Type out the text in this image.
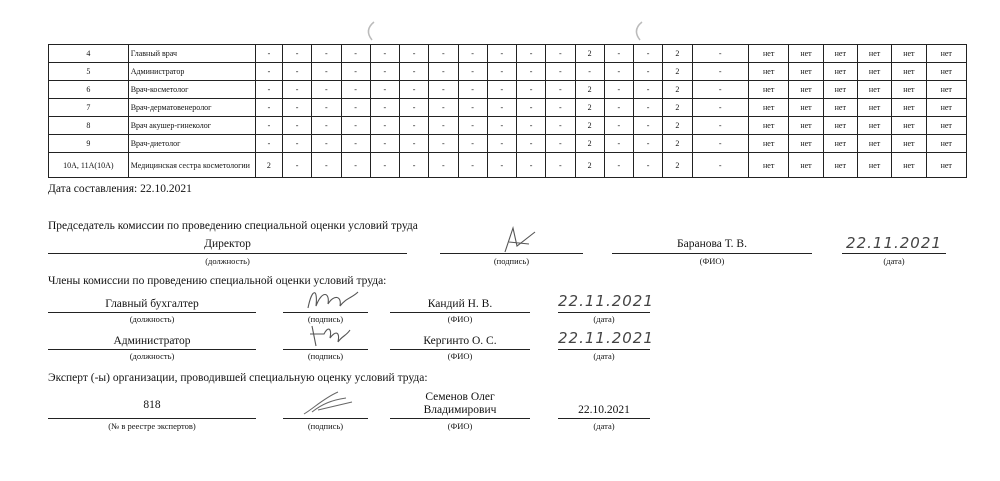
4	Главный врач	-	-	-	-	-	-	-	-	-	-	-	2	-	-	2	-	нет	нет	нет	нет	нет	нет
5	Администратор	-	-	-	-	-	-	-	-	-	-	-	-	-	-	2	-	нет	нет	нет	нет	нет	нет
6	Врач-косметолог	-	-	-	-	-	-	-	-	-	-	-	2	-	-	2	-	нет	нет	нет	нет	нет	нет
7	Врач-дерматовенеролог	-	-	-	-	-	-	-	-	-	-	-	2	-	-	2	-	нет	нет	нет	нет	нет	нет
8	Врач акушер-гинеколог	-	-	-	-	-	-	-	-	-	-	-	2	-	-	2	-	нет	нет	нет	нет	нет	нет
9	Врач-диетолог	-	-	-	-	-	-	-	-	-	-	-	2	-	-	2	-	нет	нет	нет	нет	нет	нет
10А, 11А(10А)	Медицинская сестра косметологии	2	-	-	-	-	-	-	-	-	-	-	2	-	-	2	-	нет	нет	нет	нет	нет	нет
Дата составления: 22.10.2021
Председатель комиссии по проведению специальной оценки условий труда
Директор
(должность)	(подпись)
Баранова Т. В.
(ФИО)
22.11.2021
(дата)
Члены комиссии по проведению специальной оценки условий труда:
Главный бухгалтер
(должность)	(подпись)
Кандий Н. В.
(ФИО)
22.11.2021
(дата)
Администратор
(должность)	(подпись)
Кергинто О. С.
(ФИО)
22.11.2021
(дата)
Эксперт (-ы) организации, проводившей специальную оценку условий труда:
818
(№ в реестре экспертов)	(подпись)
Семенов Олег
Владимирович
(ФИО)
22.10.2021
(дата)
